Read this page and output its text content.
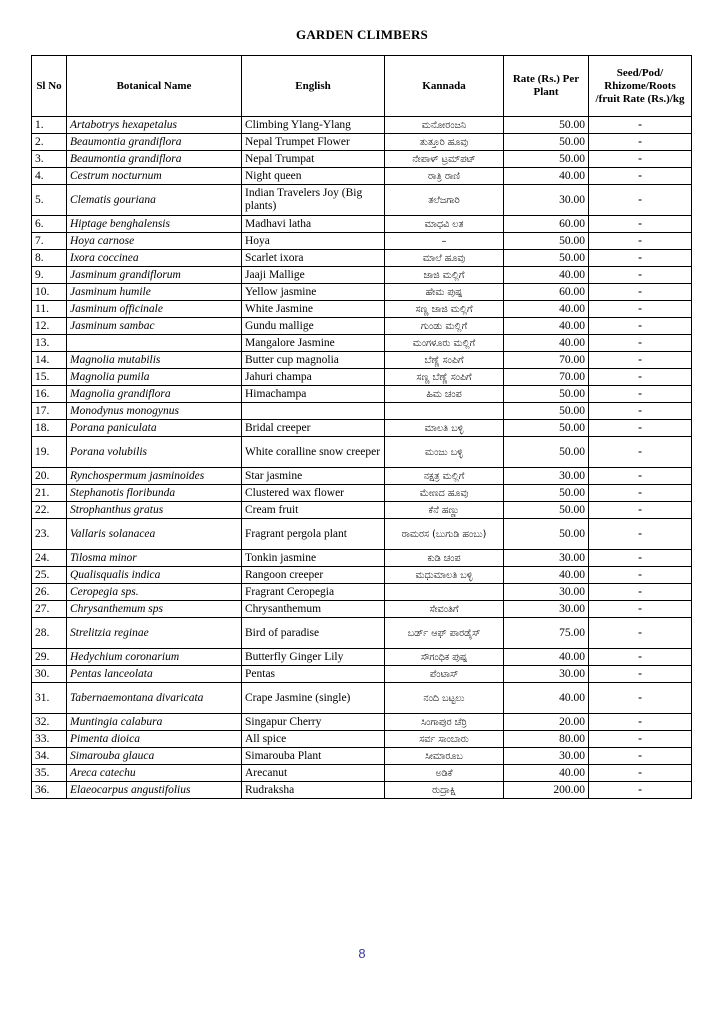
GARDEN CLIMBERS
Sl No	Botanical Name	English	Kannada	Rate (Rs.) Per Plant	Seed/Pod/ Rhizome/Roots /fruit Rate (Rs.)/kg
1.	Artabotrys hexapetalus	Climbing Ylang-Ylang	ಮನೋರಂಜನಿ	50.00	-
2.	Beaumontia grandiflora	Nepal Trumpet Flower	ತುತ್ತೂರಿ ಹೂವು	50.00	-
3.	Beaumontia grandiflora	Nepal Trumpat	ನೇಪಾಳ್ ಟ್ರಮ್‌ಪಟ್	50.00	-
4.	Cestrum nocturnum	Night queen	ರಾತ್ರಿ ರಾಣಿ	40.00	-
5.	Clematis gouriana	Indian Travelers Joy (Big plants)	ತಲೆಜಗಾರಿ	30.00	-
6.	Hiptage benghalensis	Madhavi latha	ಮಾಧವಿ ಲತ	60.00	-
7.	Hoya carnose	Hoya	–	50.00	-
8.	Ixora coccinea	Scarlet ixora	ಮಾಲೆ ಹೂವು	50.00	-
9.	Jasminum grandiflorum	Jaaji Mallige	ಜಾಜಿ ಮಲ್ಲಿಗೆ	40.00	-
10.	Jasminum humile	Yellow jasmine	ಹೇಮ ಪುಷ್ಪ	60.00	-
11.	Jasminum officinale	White Jasmine	ಸಣ್ಣ ಜಾಜಿ ಮಲ್ಲಿಗೆ	40.00	-
12.	Jasminum sambac	Gundu mallige	ಗುಂಡು ಮಲ್ಲಿಗೆ	40.00	-
13.		Mangalore Jasmine	ಮಂಗಳೂರು ಮಲ್ಲಿಗೆ	40.00	-
14.	Magnolia mutabilis	Butter cup magnolia	ಬೆಣ್ಣೆ ಸಂಪಿಗೆ	70.00	-
15.	Magnolia pumila	Jahuri champa	ಸಣ್ಣ ಬೆಣ್ಣೆ ಸಂಪಿಗೆ	70.00	-
16.	Magnolia grandiflora	Himachampa	ಹಿಮ ಚಂಪ	50.00	-
17.	Monodynus monogynus			50.00	-
18.	Porana paniculata	Bridal creeper	ಮಾಲತಿ ಬಳ್ಳಿ	50.00	-
19.	Porana volubilis	White coralline snow creeper	ಮಂಜು ಬಳ್ಳಿ	50.00	-
20.	Rynchospermum jasminoides	Star jasmine	ನಕ್ಷತ್ರ ಮಲ್ಲಿಗೆ	30.00	-
21.	Stephanotis floribunda	Clustered wax flower	ಮೇಣದ ಹೂವು	50.00	-
22.	Strophanthus gratus	Cream fruit	ಕೆನೆ ಹಣ್ಣು	50.00	-
23.	Vallaris solanacea	Fragrant pergola plant	ರಾಮರಸ (ಬುಗುಡಿ ಹಂಬು)	50.00	-
24.	Tilosma minor	Tonkin jasmine	ಕುಡಿ ಚಂಪ	30.00	-
25.	Qualisqualis indica	Rangoon creeper	ಮಧುಮಾಲತಿ ಬಳ್ಳಿ	40.00	-
26.	Ceropegia sps.	Fragrant Ceropegia		30.00	-
27.	Chrysanthemum sps	Chrysanthemum	ಸೇವಂತಿಗೆ	30.00	-
28.	Strelitzia reginae	Bird of paradise	ಬರ್ಡ್ ಆಫ್ ಪಾರಡೈಸ್	75.00	-
29.	Hedychium coronarium	Butterfly Ginger Lily	ಸೌಗಂಧಿಕ ಪುಷ್ಪ	40.00	-
30.	Pentas lanceolata	Pentas	ಪೆಂಟಾಸ್	30.00	-
31.	Tabernaemontana divaricata	Crape Jasmine (single)	ನಂದಿ ಬಟ್ಟಲು	40.00	-
32.	Muntingia calabura	Singapur Cherry	ಸಿಂಗಾಪುರ ಚೆರ್ರಿ	20.00	-
33.	Pimenta dioica	All spice	ಸರ್ವ ಸಾಂಬಾರು	80.00	-
34.	Simarouba glauca	Simarouba Plant	ಸೀಮಾರೂಬ	30.00	-
35.	Areca catechu	Arecanut	ಅಡಿಕೆ	40.00	-
36.	Elaeocarpus angustifolius	Rudraksha	ರುದ್ರಾಕ್ಷಿ	200.00	-
8
